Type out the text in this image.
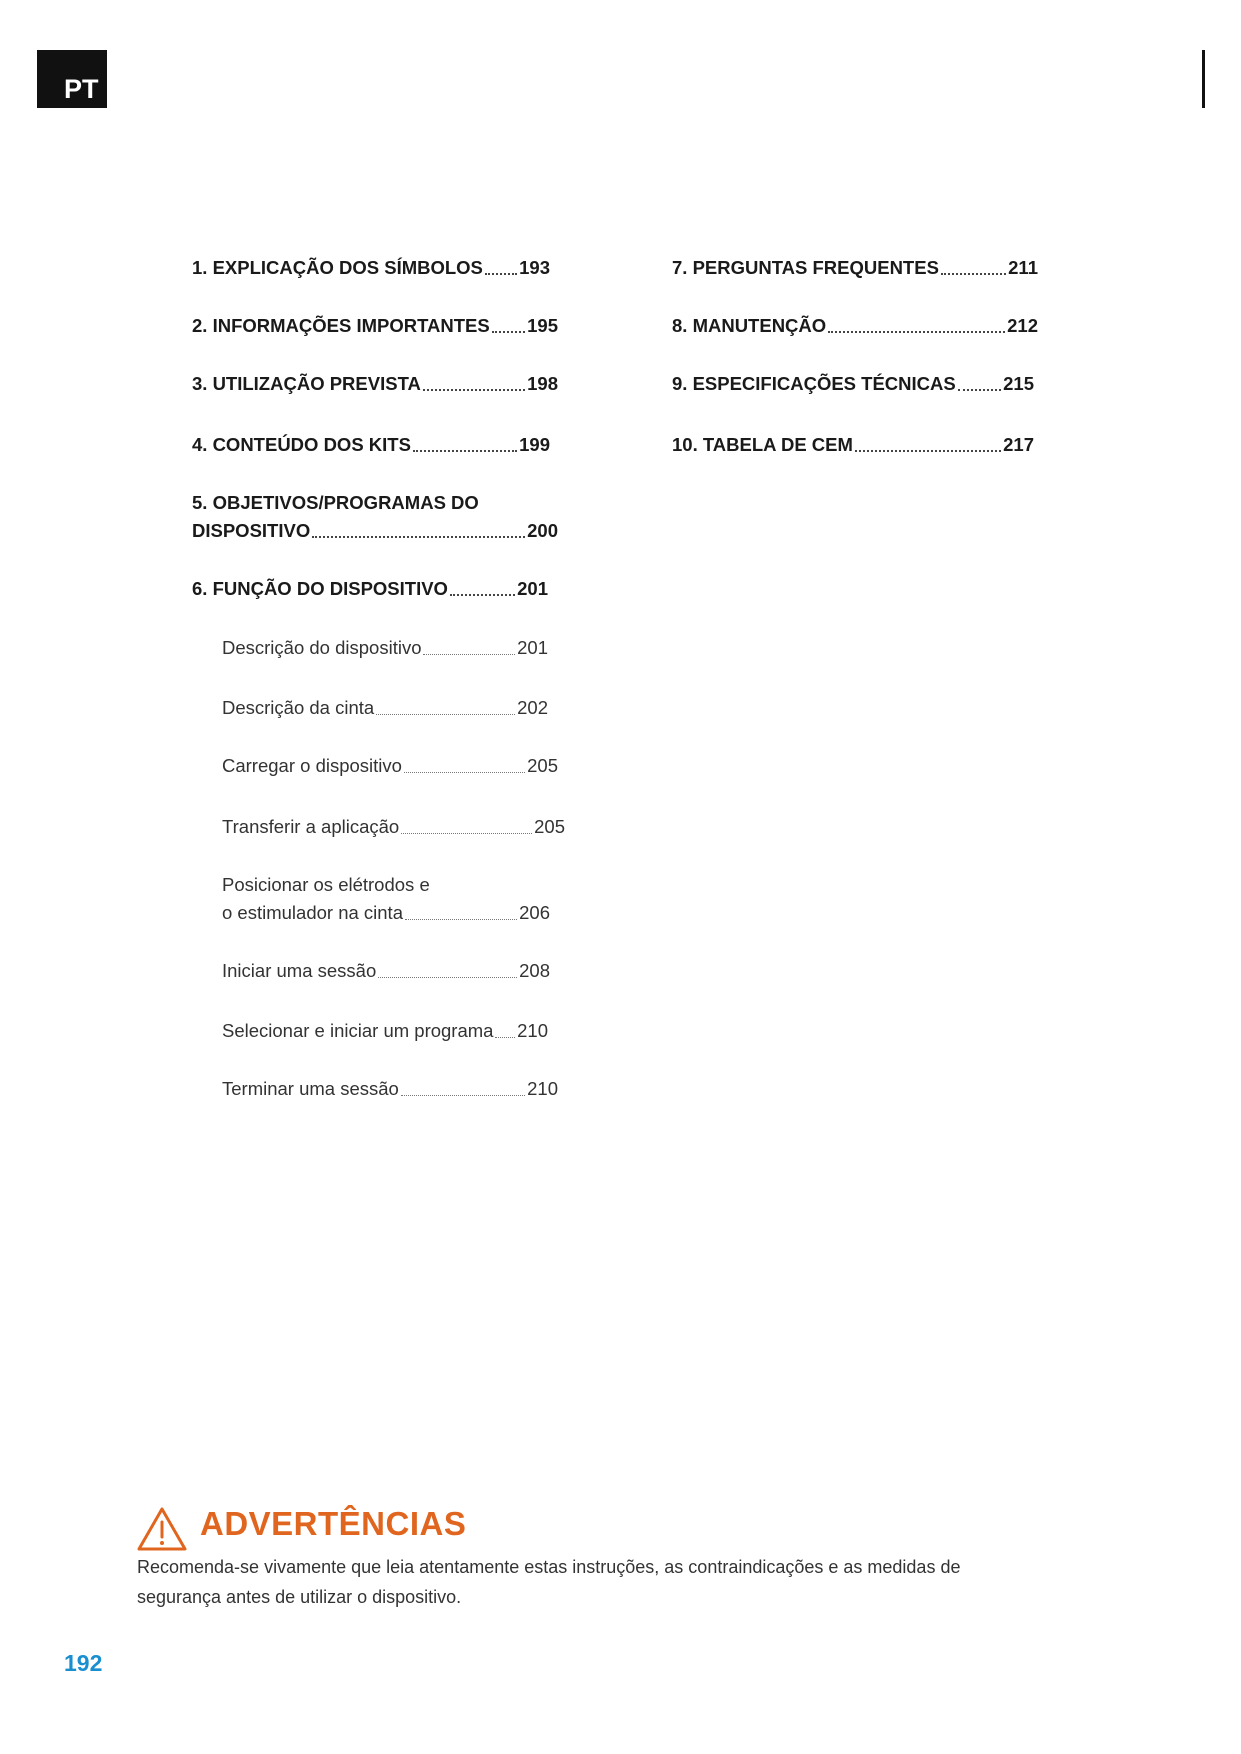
PT
1. EXPLICAÇÃO DOS SÍMBOLOS 193
2. INFORMAÇÕES IMPORTANTES 195
3. UTILIZAÇÃO PREVISTA	198
4. CONTEÚDO DOS KITS	199
5. OBJETIVOS/PROGRAMAS DO
DISPOSITIVO	200
6. FUNÇÃO DO DISPOSITIVO	201
Descrição do dispositivo	201
Descrição da cinta	202
Carregar o dispositivo	205
Transferir a aplicação	205
Posicionar os elétrodos e
o estimulador na cinta	206
Iniciar uma sessão	208
Selecionar e iniciar um programa 210
Terminar uma sessão	210
7. PERGUNTAS FREQUENTES	211
8. MANUTENÇÃO	212
9. ESPECIFICAÇÕES TÉCNICAS	215
10. TABELA DE CEM	217
ADVERTÊNCIAS
Recomenda-se vivamente que leia atentamente estas instruções, as contraindicações e as medidas de segurança antes de utilizar o dispositivo.
192
